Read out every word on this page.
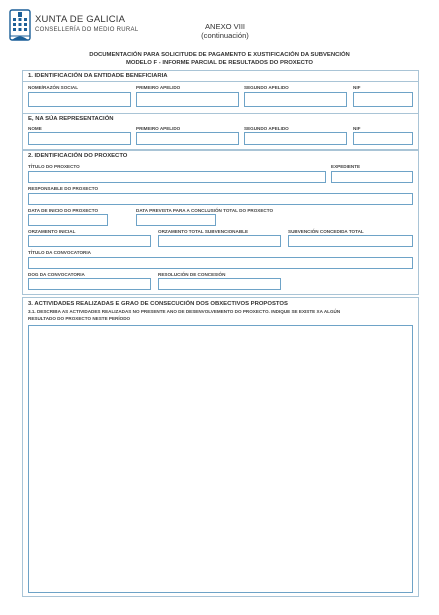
XUNTA DE GALICIA
CONSELLERÍA DO MEDIO RURAL	ANEXO VIII
(continuación)
DOCUMENTACIÓN PARA SOLICITUDE DE PAGAMENTO E XUSTIFICACIÓN DA SUBVENCIÓN
MODELO F - INFORME PARCIAL DE RESULTADOS DO PROXECTO
1. IDENTIFICACIÓN DA ENTIDADE BENEFICIARIA
NOME/RAZÓN SOCIAL	PRIMEIRO APELIDO	SEGUNDO APELIDO	NIF
E, NA SÚA REPRESENTACIÓN
NOME	PRIMEIRO APELIDO	SEGUNDO APELIDO	NIF
2. IDENTIFICACIÓN DO PROXECTO
TÍTULO DO PROXECTO	EXPEDIENTE
RESPONSABLE DO PROXECTO
DATA DE INICIO DO PROXECTO	DATA PREVISTA PARA A CONCLUSIÓN TOTAL DO PROXECTO
ORZAMENTO INICIAL	ORZAMENTO TOTAL SUBVENCIONABLE	SUBVENCIÓN CONCEDIDA TOTAL
TÍTULO DA CONVOCATORIA
DOG DA CONVOCATORIA	RESOLUCIÓN DE CONCESIÓN
3. ACTIVIDADES REALIZADAS E GRAO DE CONSECUCIÓN DOS OBXECTIVOS PROPOSTOS
3.1. DESCRIBA AS ACTIVIDADES REALIZADAS NO PRESENTE ANO DE DESENVOLVEMENTO DO PROXECTO. INDIQUE SE EXISTE XA ALGÚN
RESULTADO DO PROXECTO NESTE PERÍODO
